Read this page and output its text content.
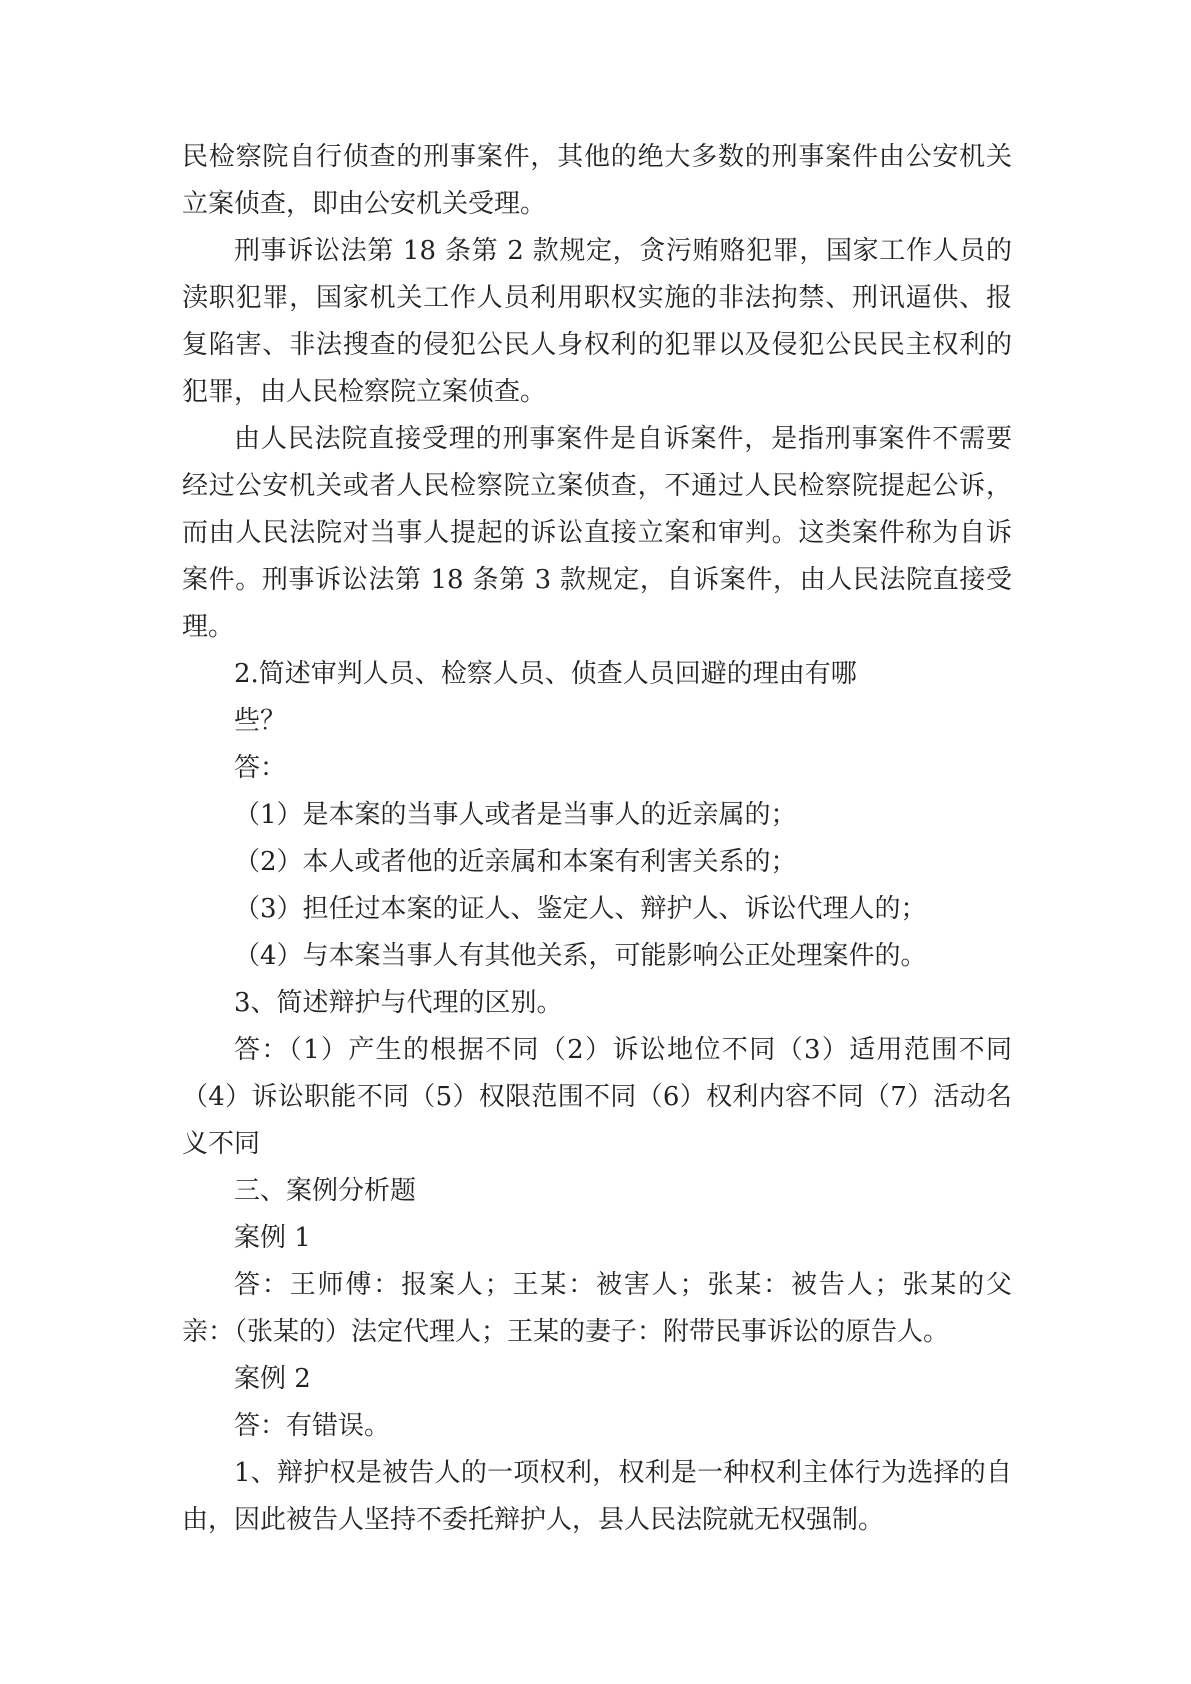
民检察院自行侦查的刑事案件，其他的绝大多数的刑事案件由公安机关立案侦查，即由公安机关受理。

刑事诉讼法第 18 条第 2 款规定，贪污贿赂犯罪，国家工作人员的渎职犯罪，国家机关工作人员利用职权实施的非法拘禁、刑讯逼供、报复陷害、非法搜查的侵犯公民人身权利的犯罪以及侵犯公民民主权利的犯罪，由人民检察院立案侦查。

由人民法院直接受理的刑事案件是自诉案件，是指刑事案件不需要经过公安机关或者人民检察院立案侦查，不通过人民检察院提起公诉，而由人民法院对当事人提起的诉讼直接立案和审判。这类案件称为自诉案件。刑事诉讼法第 18 条第 3 款规定，自诉案件，由人民法院直接受理。

2.简述审判人员、检察人员、侦查人员回避的理由有哪

些？

答：

（1）是本案的当事人或者是当事人的近亲属的；

（2）本人或者他的近亲属和本案有利害关系的；

（3）担任过本案的证人、鉴定人、辩护人、诉讼代理人的；

（4）与本案当事人有其他关系，可能影响公正处理案件的。

3、简述辩护与代理的区别。

答：（1）产生的根据不同（2）诉讼地位不同（3）适用范围不同（4）诉讼职能不同（5）权限范围不同（6）权利内容不同（7）活动名义不同

三、案例分析题

案例 1

答：王师傅：报案人；王某：被害人；张某：被告人；张某的父亲：（张某的）法定代理人；王某的妻子：附带民事诉讼的原告人。

案例 2

答：有错误。

1、辩护权是被告人的一项权利，权利是一种权利主体行为选择的自由，因此被告人坚持不委托辩护人，县人民法院就无权强制。
